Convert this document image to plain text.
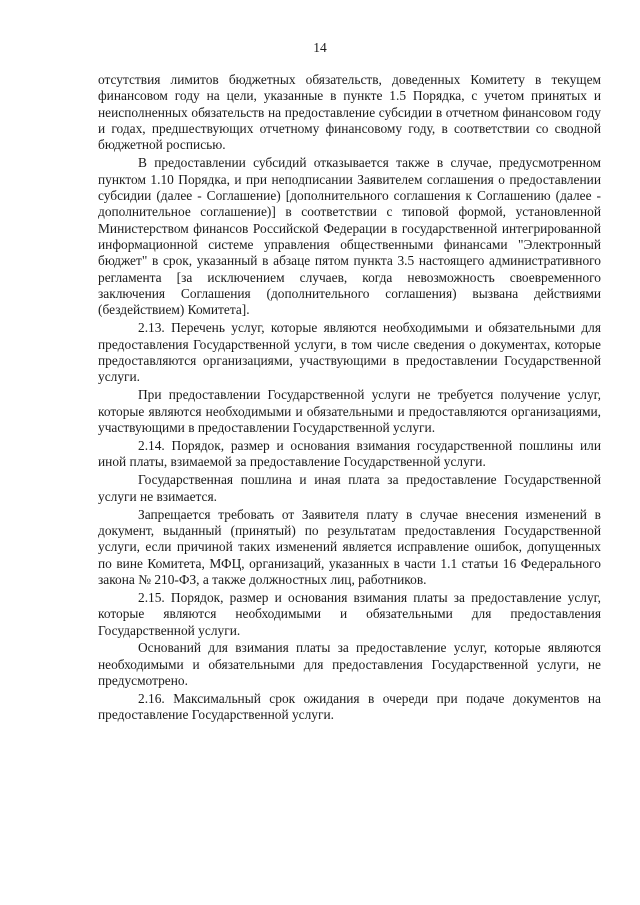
14

отсутствия лимитов бюджетных обязательств, доведенных Комитету в текущем финансовом году на цели, указанные в пункте 1.5 Порядка, с учетом принятых и неисполненных обязательств на предоставление субсидии в отчетном финансовом году и годах, предшествующих отчетному финансовому году, в соответствии со сводной бюджетной росписью.

В предоставлении субсидий отказывается также в случае, предусмотренном пунктом 1.10 Порядка, и при неподписании Заявителем соглашения о предоставлении субсидии (далее - Соглашение) [дополнительного соглашения к Соглашению (далее - дополнительное соглашение)] в соответствии с типовой формой, установленной Министерством финансов Российской Федерации в государственной интегрированной информационной системе управления общественными финансами "Электронный бюджет" в срок, указанный в абзаце пятом пункта 3.5 настоящего административного регламента [за исключением случаев, когда невозможность своевременного заключения Соглашения (дополнительного соглашения) вызвана действиями (бездействием) Комитета].

2.13. Перечень услуг, которые являются необходимыми и обязательными для предоставления Государственной услуги, в том числе сведения о документах, которые предоставляются организациями, участвующими в предоставлении Государственной услуги.

При предоставлении Государственной услуги не требуется получение услуг, которые являются необходимыми и обязательными и предоставляются организациями, участвующими в предоставлении Государственной услуги.

2.14. Порядок, размер и основания взимания государственной пошлины или иной платы, взимаемой за предоставление Государственной услуги.

Государственная пошлина и иная плата за предоставление Государственной услуги не взимается.

Запрещается требовать от Заявителя плату в случае внесения изменений в документ, выданный (принятый) по результатам предоставления Государственной услуги, если причиной таких изменений является исправление ошибок, допущенных по вине Комитета, МФЦ, организаций, указанных в части 1.1 статьи 16 Федерального закона № 210-ФЗ, а также должностных лиц, работников.

2.15. Порядок, размер и основания взимания платы за предоставление услуг, которые являются необходимыми и обязательными для предоставления Государственной услуги.

Оснований для взимания платы за предоставление услуг, которые являются необходимыми и обязательными для предоставления Государственной услуги, не предусмотрено.

2.16. Максимальный срок ожидания в очереди при подаче документов на предоставление Государственной услуги.
